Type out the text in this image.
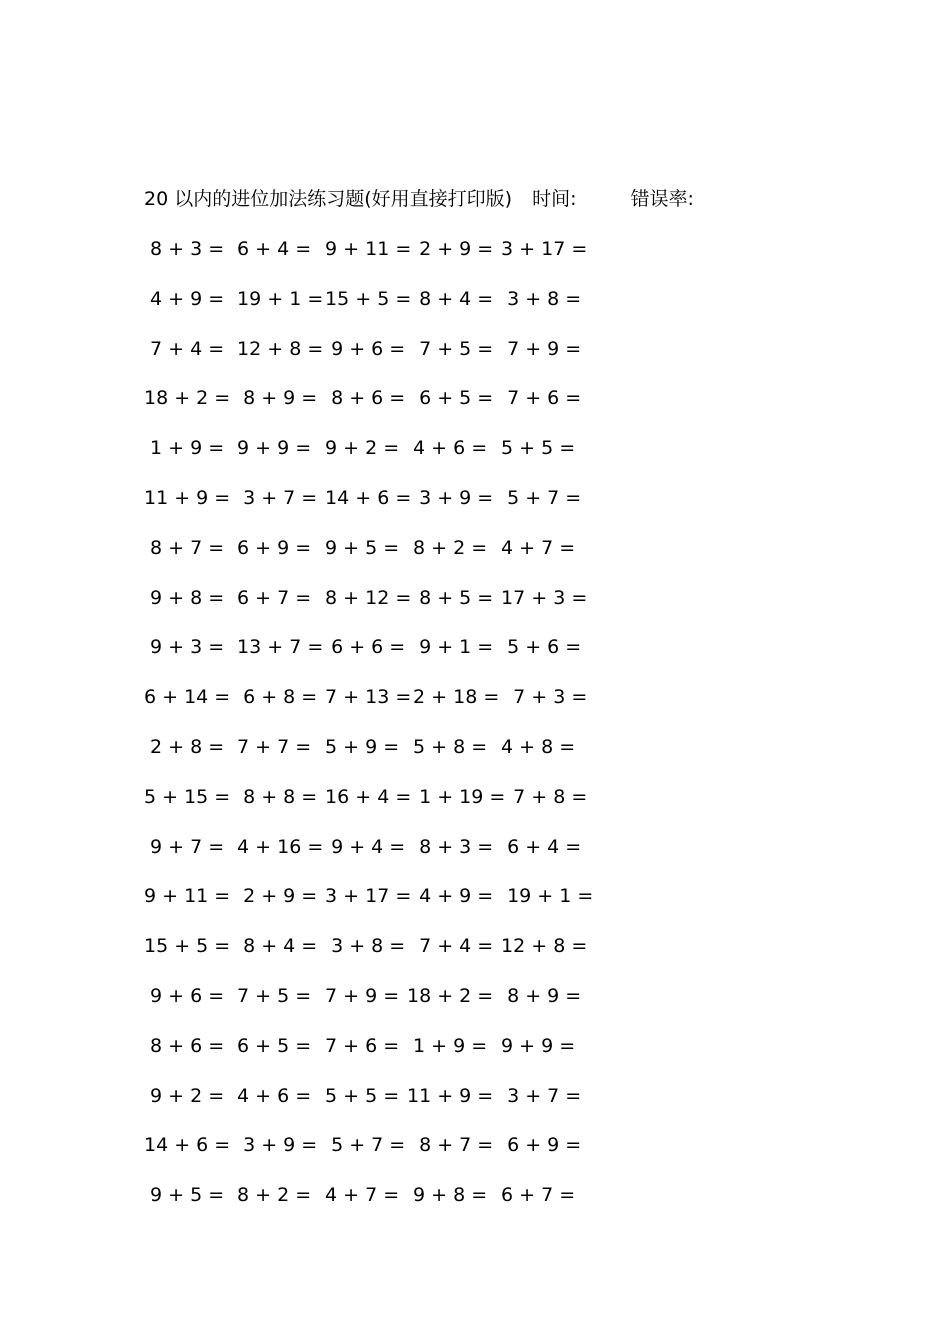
20 以内的进位加法练习题(好用直接打印版) 时间:	错误率:
8 + 3 = 6 + 4 = 9 + 11 =
2 + 9 = 3 + 17 =
4 + 9 = 19 + 1 =
15 + 5 =
8 + 4 = 3 + 8 =
7 + 4 = 12 + 8 =
9 + 6 = 7 + 5 = 7 + 9 =
18 + 2 = 8 + 9 = 8 + 6 = 6 + 5 = 7 + 6 =
1 + 9 = 9 + 9 = 9 + 2 = 4 + 6 = 5 + 5 =
11 + 9 = 3 + 7 = 14 + 6 =
3 + 9 = 5 + 7 =
8 + 7 = 6 + 9 = 9 + 5 = 8 + 2 = 4 + 7 =
9 + 8 = 6 + 7 = 8 + 12 =
8 + 5 = 17 + 3 =
9 + 3 = 13 + 7 =
6 + 6 = 9 + 1 = 5 + 6 =
6 + 14 = 6 + 8 = 7 + 13 =
2 + 18 =
7 + 3 =
2 + 8 = 7 + 7 = 5 + 9 = 5 + 8 = 4 + 8 =
5 + 15 = 8 + 8 = 16 + 4 =
1 + 19 =
7 + 8 =
9 + 7 = 4 + 16 =
9 + 4 = 8 + 3 = 6 + 4 =
9 + 11 = 2 + 9 = 3 + 17 =
4 + 9 = 19 + 1 =
15 + 5 = 8 + 4 = 3 + 8 = 7 + 4 = 12 + 8 =
9 + 6 = 7 + 5 = 7 + 9 = 18 + 2 = 8 + 9 =
8 + 6 = 6 + 5 = 7 + 6 = 1 + 9 = 9 + 9 =
9 + 2 = 4 + 6 = 5 + 5 = 11 + 9 = 3 + 7 =
14 + 6 = 3 + 9 = 5 + 7 = 8 + 7 = 6 + 9 =
9 + 5 = 8 + 2 = 4 + 7 = 9 + 8 = 6 + 7 =
